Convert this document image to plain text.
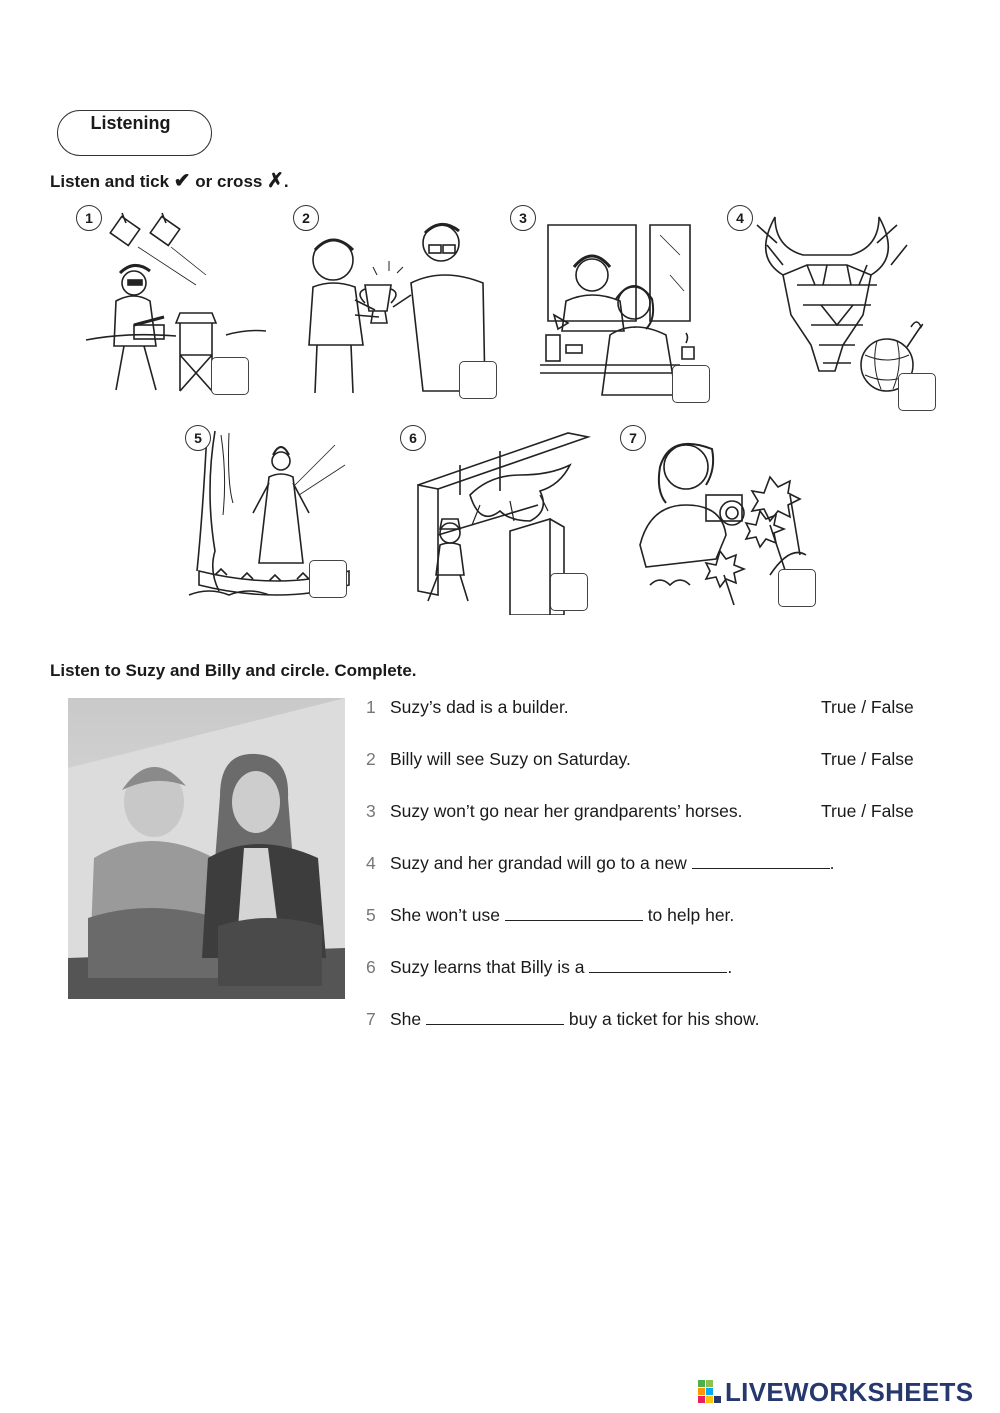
Listening
Listen and tick ✔ or cross ✗.
1	2	3	4
5	6	7
Listen to Suzy and Billy and circle. Complete.
1 Suzy’s dad is a builder.	True / False
2 Billy will see Suzy on Saturday.	True / False
3 Suzy won’t go near her grandparents’ horses.	True / False
4 Suzy and her grandad will go to a new	.
5 She won’t use	to help her.
6 Suzy learns that Billy is a	.
7 She	buy a ticket for his show.
LIVEWORKSHEETS
